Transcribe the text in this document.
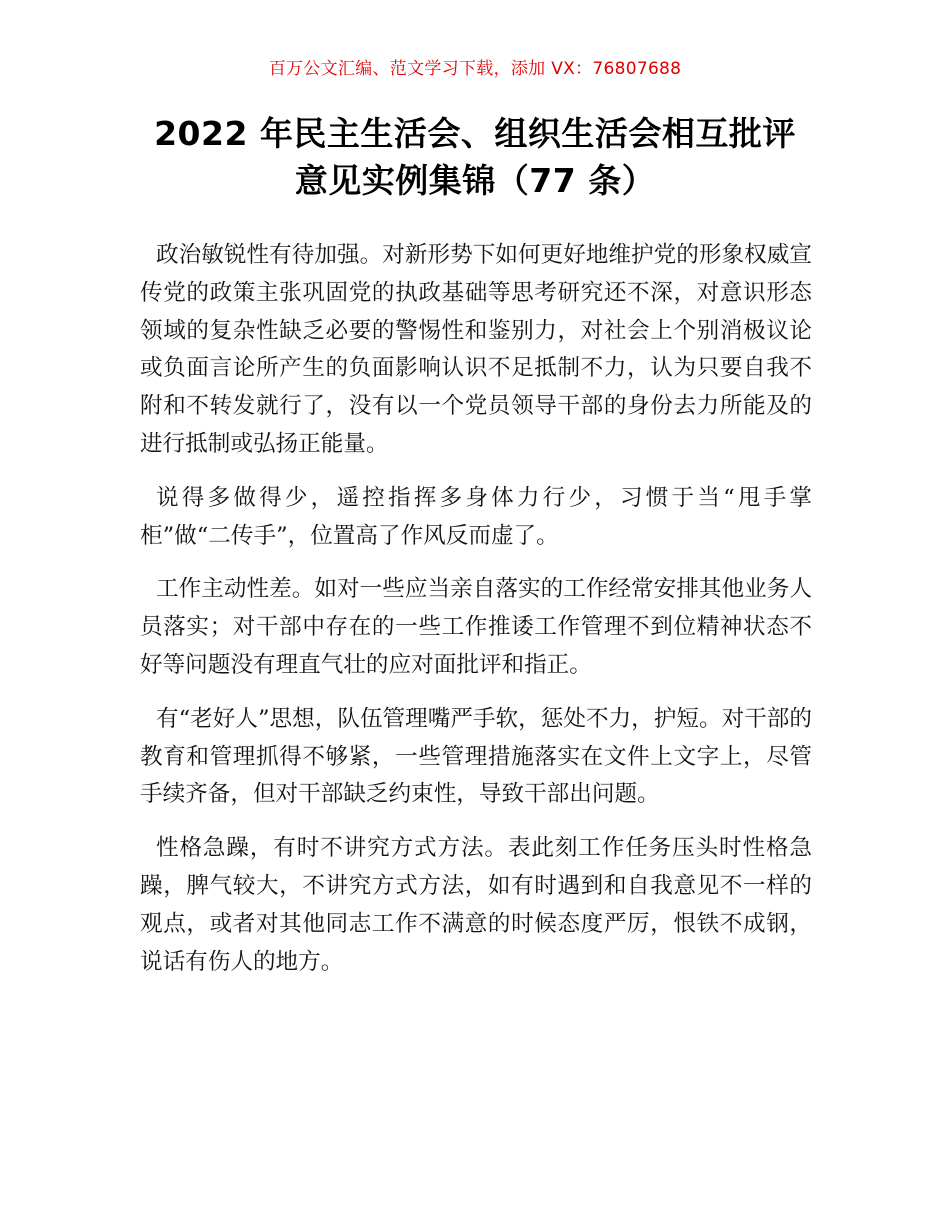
百万公文汇编、范文学习下载，添加 VX：76807688
2022 年民主生活会、组织生活会相互批评
意见实例集锦（77 条）

政治敏锐性有待加强。对新形势下如何更好地维护党的形象权威宣传党的政策主张巩固党的执政基础等思考研究还不深，对意识形态领域的复杂性缺乏必要的警惕性和鉴别力，对社会上个别消极议论或负面言论所产生的负面影响认识不足抵制不力，认为只要自我不附和不转发就行了，没有以一个党员领导干部的身份去力所能及的进行抵制或弘扬正能量。

说得多做得少，遥控指挥多身体力行少，习惯于当“甩手掌柜”做“二传手”，位置高了作风反而虚了。

工作主动性差。如对一些应当亲自落实的工作经常安排其他业务人员落实；对干部中存在的一些工作推诿工作管理不到位精神状态不好等问题没有理直气壮的应对面批评和指正。

有“老好人”思想，队伍管理嘴严手软，惩处不力，护短。对干部的教育和管理抓得不够紧，一些管理措施落实在文件上文字上，尽管手续齐备，但对干部缺乏约束性，导致干部出问题。

性格急躁，有时不讲究方式方法。表此刻工作任务压头时性格急躁，脾气较大，不讲究方式方法，如有时遇到和自我意见不一样的观点，或者对其他同志工作不满意的时候态度严厉，恨铁不成钢，说话有伤人的地方。
